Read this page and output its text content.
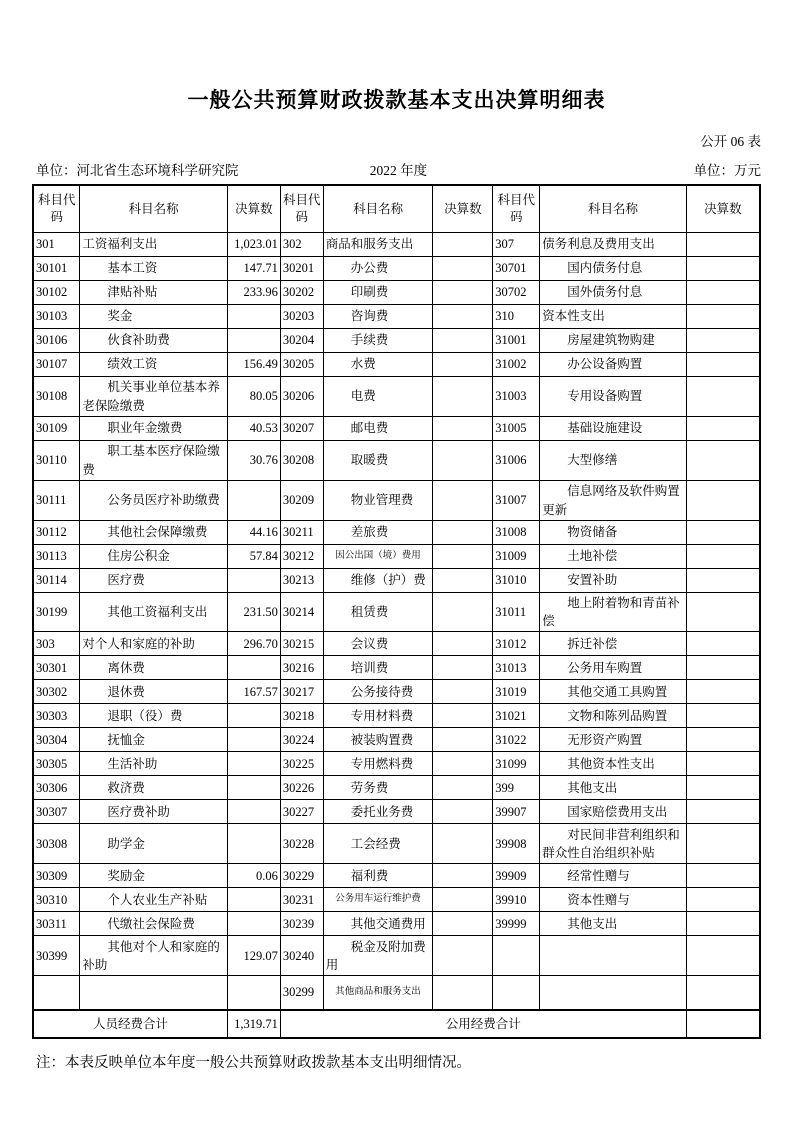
一般公共预算财政拨款基本支出决算明细表
公开 06 表
单位：河北省生态环境科学研究院	2022 年度	单位：万元
科目代码	科目名称	决算数	科目代码	科目名称	决算数	科目代码	科目名称	决算数
301	工资福利支出	1,023.01	302	商品和服务支出		307	债务利息及费用支出	
30101	基本工资	147.71	30201	办公费		30701	国内债务付息	
30102	津贴补贴	233.96	30202	印刷费		30702	国外债务付息	
30103	奖金		30203	咨询费		310	资本性支出	
30106	伙食补助费		30204	手续费		31001	房屋建筑物购建	
30107	绩效工资	156.49	30205	水费		31002	办公设备购置	
30108	机关事业单位基本养老保险缴费	80.05	30206	电费		31003	专用设备购置	
30109	职业年金缴费	40.53	30207	邮电费		31005	基础设施建设	
30110	职工基本医疗保险缴费	30.76	30208	取暖费		31006	大型修缮	
30111	公务员医疗补助缴费		30209	物业管理费		31007	信息网络及软件购置更新	
30112	其他社会保障缴费	44.16	30211	差旅费		31008	物资储备	
30113	住房公积金	57.84	30212	因公出国（境）费用		31009	土地补偿	
30114	医疗费		30213	维修（护）费		31010	安置补助	
30199	其他工资福利支出	231.50	30214	租赁费		31011	地上附着物和青苗补偿	
303	对个人和家庭的补助	296.70	30215	会议费		31012	拆迁补偿	
30301	离休费		30216	培训费		31013	公务用车购置	
30302	退休费	167.57	30217	公务接待费		31019	其他交通工具购置	
30303	退职（役）费		30218	专用材料费		31021	文物和陈列品购置	
30304	抚恤金		30224	被装购置费		31022	无形资产购置	
30305	生活补助		30225	专用燃料费		31099	其他资本性支出	
30306	救济费		30226	劳务费		399	其他支出	
30307	医疗费补助		30227	委托业务费		39907	国家赔偿费用支出	
30308	助学金		30228	工会经费		39908	对民间非营利组织和群众性自治组织补贴	
30309	奖励金	0.06	30229	福利费		39909	经常性赠与	
30310	个人农业生产补贴		30231	公务用车运行维护费		39910	资本性赠与	
30311	代缴社会保险费		30239	其他交通费用		39999	其他支出	
30399	其他对个人和家庭的补助	129.07	30240	税金及附加费用				
			30299	其他商品和服务支出				
人员经费合计		1,319.71	公用经费合计					
注：本表反映单位本年度一般公共预算财政拨款基本支出明细情况。
